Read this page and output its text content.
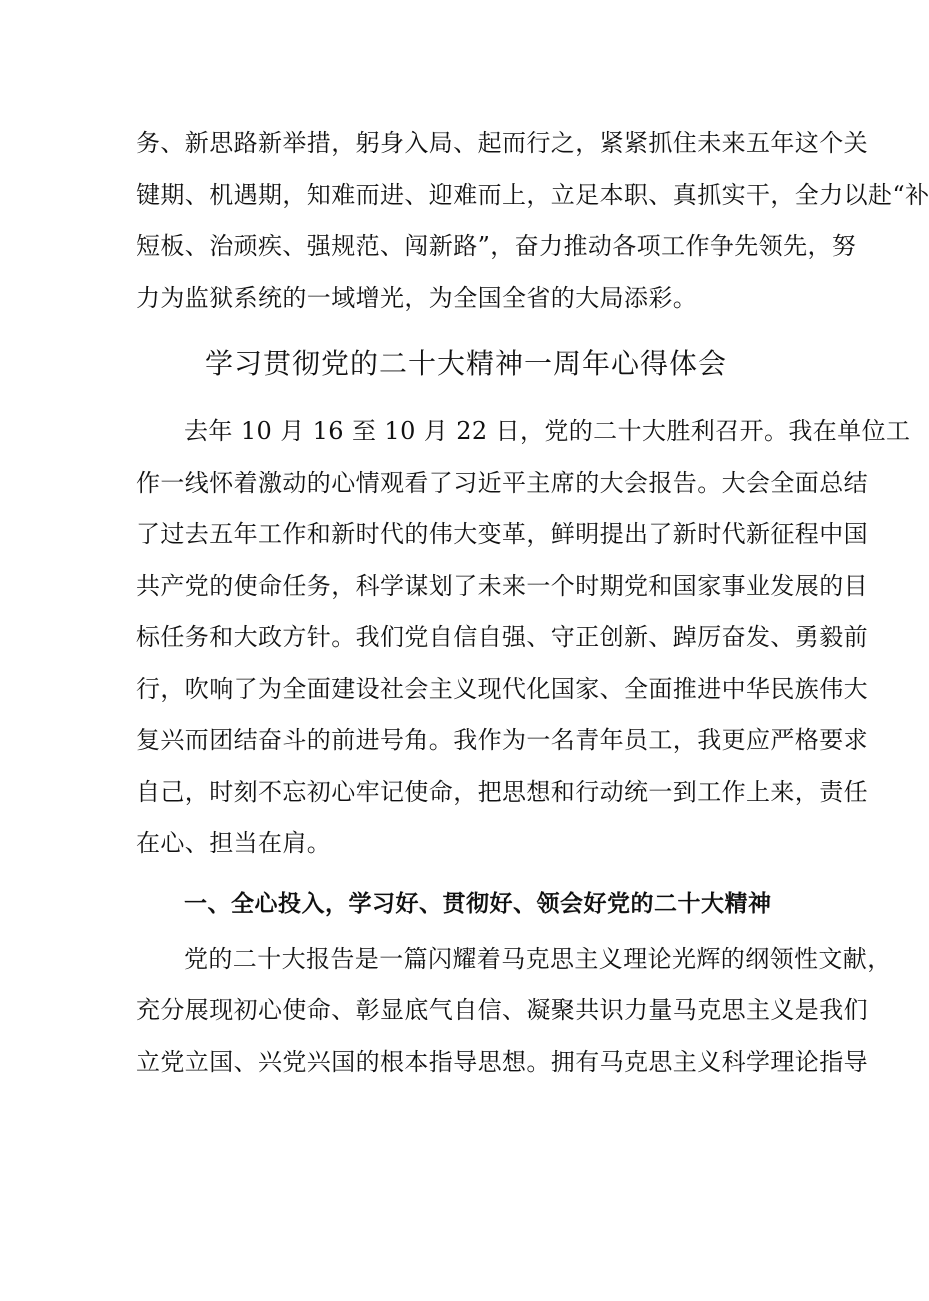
务、新思路新举措，躬身入局、起而行之，紧紧抓住未来五年这个关
键期、机遇期，知难而进、迎难而上，立足本职、真抓实干，全力以赴“补
短板、治顽疾、强规范、闯新路”，奋力推动各项工作争先领先，努
力为监狱系统的一域增光，为全国全省的大局添彩。
学习贯彻党的二十大精神一周年心得体会
去年 10 月 16 至 10 月 22 日，党的二十大胜利召开。我在单位工
作一线怀着激动的心情观看了习近平主席的大会报告。大会全面总结
了过去五年工作和新时代的伟大变革，鲜明提出了新时代新征程中国
共产党的使命任务，科学谋划了未来一个时期党和国家事业发展的目
标任务和大政方针。我们党自信自强、守正创新、踔厉奋发、勇毅前
行，吹响了为全面建设社会主义现代化国家、全面推进中华民族伟大
复兴而团结奋斗的前进号角。我作为一名青年员工，我更应严格要求
自己，时刻不忘初心牢记使命，把思想和行动统一到工作上来，责任
在心、担当在肩。
一、全心投入，学习好、贯彻好、领会好党的二十大精神
党的二十大报告是一篇闪耀着马克思主义理论光辉的纲领性文献，
充分展现初心使命、彰显底气自信、凝聚共识力量马克思主义是我们
立党立国、兴党兴国的根本指导思想。拥有马克思主义科学理论指导
